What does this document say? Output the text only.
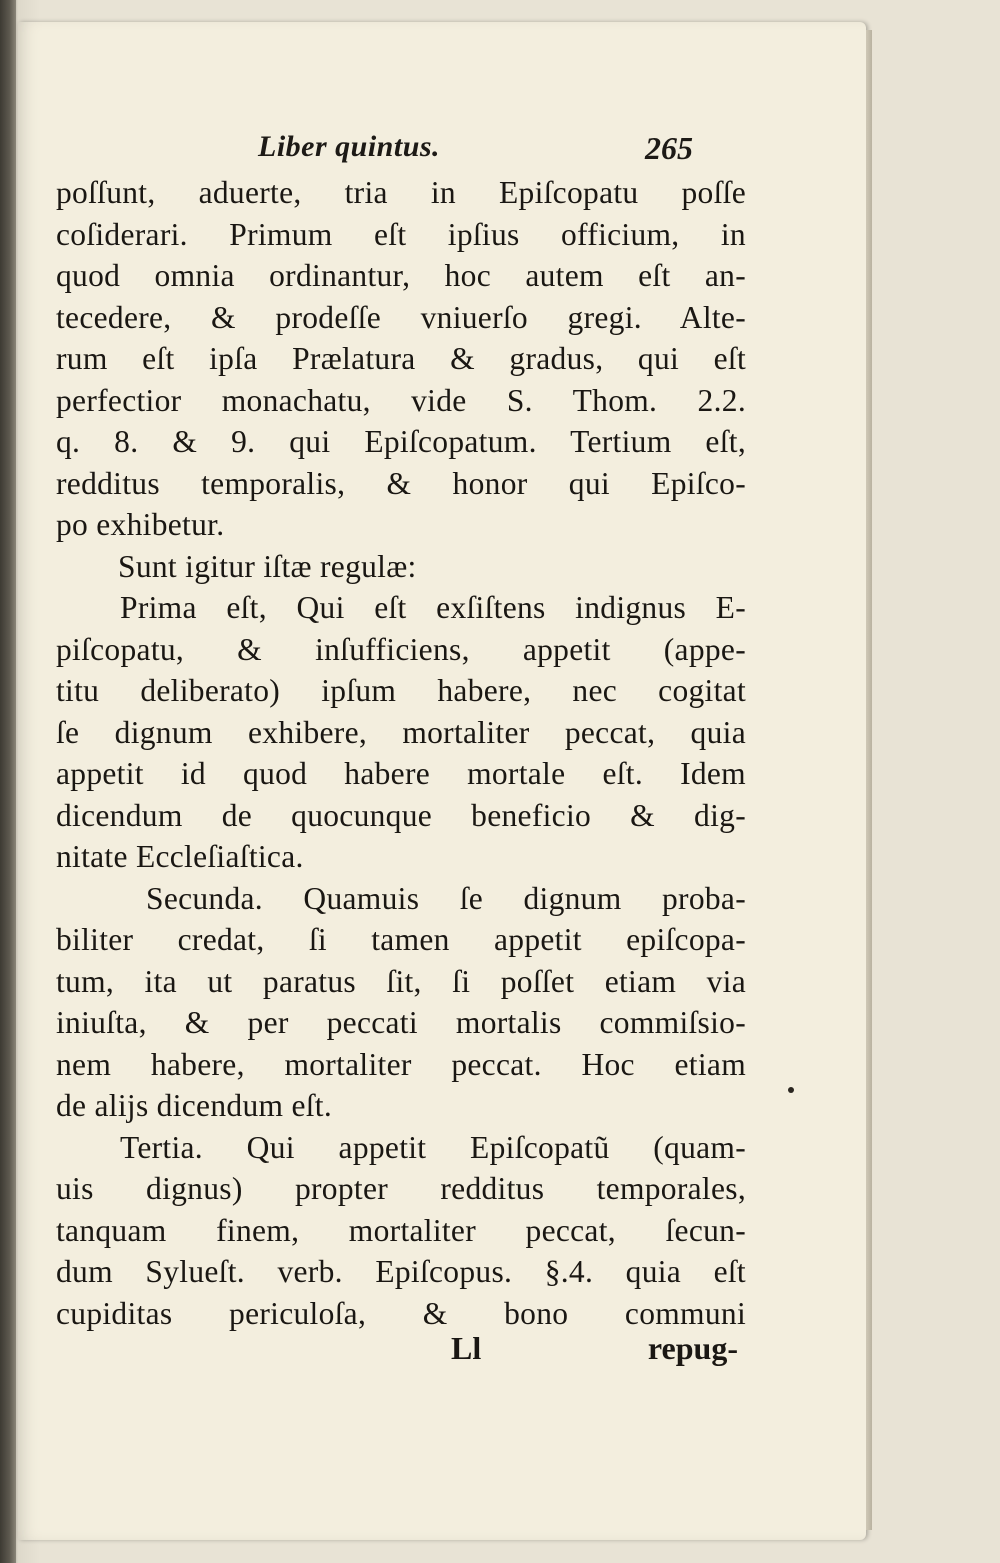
Liber quintus.	265
poſſunt, aduerte, tria in Epiſcopatu poſſe
coſiderari. Primum eſt ipſius officium, in
quod omnia ordinantur, hoc autem eſt an-
tecedere, & prodeſſe vniuerſo gregi. Alte-
rum eſt ipſa Prælatura & gradus, qui eſt
perfectior monachatu, vide S. Thom. 2.2.
q. 8. & 9. qui Epiſcopatum. Tertium eſt,
redditus temporalis, & honor qui Epiſco-
po exhibetur.
Sunt igitur iſtæ regulæ:
Prima eſt, Qui eſt exſiſtens indignus E-
piſcopatu, & inſufficiens, appetit (appe-
titu deliberato) ipſum habere, nec cogitat
ſe dignum exhibere, mortaliter peccat, quia
appetit id quod habere mortale eſt. Idem
dicendum de quocunque beneficio & dig-
nitate Eccleſiaſtica.
Secunda. Quamuis ſe dignum proba-
biliter credat, ſi tamen appetit epiſcopa-
tum, ita ut paratus ſit, ſi poſſet etiam via
iniuſta, & per peccati mortalis commiſsio-
nem habere, mortaliter peccat. Hoc etiam
de alijs dicendum eſt.
Tertia. Qui appetit Epiſcopatũ (quam-
uis dignus) propter redditus temporales,
tanquam finem, mortaliter peccat, ſecun-
dum Sylueſt. verb. Epiſcopus. §.4. quia eſt
cupiditas periculoſa, & bono communi
Ll	repug-
